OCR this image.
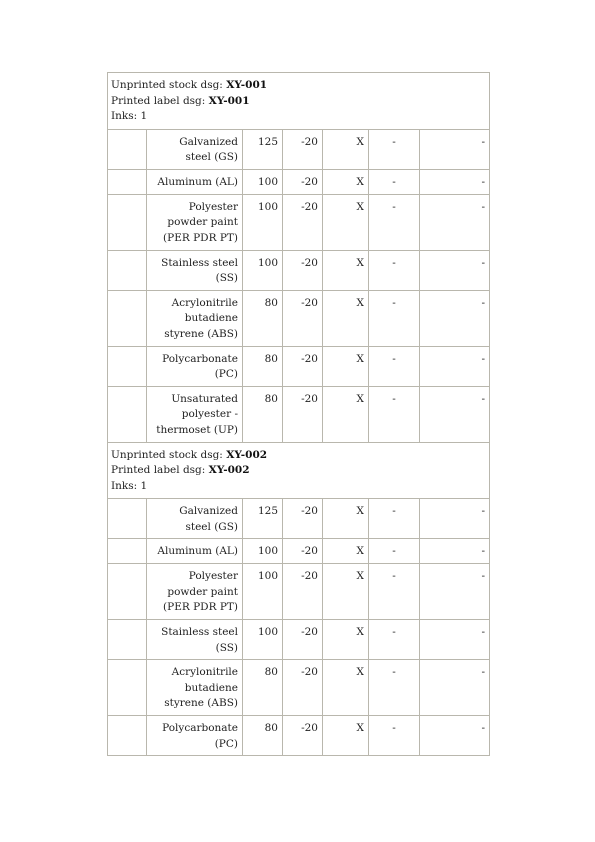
Unprinted stock dsg: XY-001
Printed label dsg: XY-001
Inks: 1						

	Galvanized steel (GS)	125	-20	X	-	-
	Aluminum (AL)	100	-20	X	-	-
	Polyester powder paint (PER PDR PT)	100	-20	X	-	-
	Stainless steel (SS)	100	-20	X	-	-
	Acrylonitrile butadiene styrene (ABS)	80	-20	X	-	-
	Polycarbonate (PC)	80	-20	X	-	-
	Unsaturated polyester - thermoset (UP)	80	-20	X	-	-

Unprinted stock dsg: XY-002
Printed label dsg: XY-002
Inks: 1						

	Galvanized steel (GS)	125	-20	X	-	-
	Aluminum (AL)	100	-20	X	-	-
	Polyester powder paint (PER PDR PT)	100	-20	X	-	-
	Stainless steel (SS)	100	-20	X	-	-
	Acrylonitrile butadiene styrene (ABS)	80	-20	X	-	-
	Polycarbonate (PC)	80	-20	X	-	-
